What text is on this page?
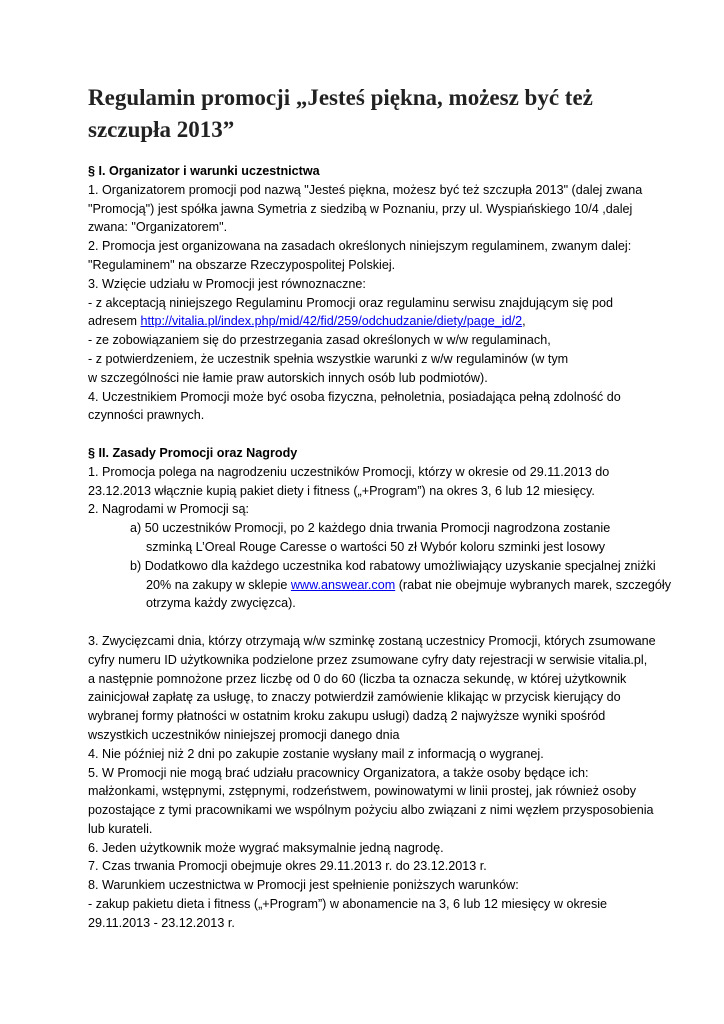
Regulamin promocji „Jesteś piękna, możesz być też
szczupła 2013”

§ I. Organizator i warunki uczestnictwa

1. Organizatorem promocji pod nazwą "Jesteś piękna, możesz być też szczupła 2013" (dalej zwana

"Promocją") jest spółka jawna Symetria z siedzibą w Poznaniu, przy ul. Wyspiańskiego 10/4 ,dalej

zwana: "Organizatorem".

2. Promocja jest organizowana na zasadach określonych niniejszym regulaminem, zwanym dalej:

"Regulaminem" na obszarze Rzeczypospolitej Polskiej.

3. Wzięcie udziału w Promocji jest równoznaczne:

- z akceptacją niniejszego Regulaminu Promocji oraz regulaminu serwisu znajdującym się pod

adresem http://vitalia.pl/index.php/mid/42/fid/259/odchudzanie/diety/page_id/2,

- ze zobowiązaniem się do przestrzegania zasad określonych w w/w regulaminach,

- z potwierdzeniem, że uczestnik spełnia wszystkie warunki z w/w regulaminów (w tym

w szczególności nie łamie praw autorskich innych osób lub podmiotów).

4. Uczestnikiem Promocji może być osoba fizyczna, pełnoletnia, posiadająca pełną zdolność do

czynności prawnych.

§ II. Zasady Promocji oraz Nagrody

1. Promocja polega na nagrodzeniu uczestników Promocji, którzy w okresie od 29.11.2013 do

23.12.2013 włącznie kupią pakiet diety i fitness („+Program”) na okres 3, 6 lub 12 miesięcy.

2. Nagrodami w Promocji są:

a) 50 uczestników Promocji, po 2 każdego dnia trwania Promocji nagrodzona zostanie

szminką L’Oreal Rouge Caresse o wartości 50 zł Wybór koloru szminki jest losowy

b) Dodatkowo dla każdego uczestnika kod rabatowy umożliwiający uzyskanie specjalnej zniżki

20% na zakupy w sklepie www.answear.com (rabat nie obejmuje wybranych marek, szczegóły

otrzyma każdy zwycięzca).

3. Zwycięzcami dnia, którzy otrzymają w/w szminkę zostaną uczestnicy Promocji, których zsumowane

cyfry numeru ID użytkownika podzielone przez zsumowane cyfry daty rejestracji w serwisie vitalia.pl,

a następnie pomnożone przez liczbę od 0 do 60 (liczba ta oznacza sekundę, w której użytkownik

zainicjował zapłatę za usługę, to znaczy potwierdził zamówienie klikając w przycisk kierujący do

wybranej formy płatności w ostatnim kroku zakupu usługi) dadzą 2 najwyższe wyniki spośród

wszystkich uczestników niniejszej promocji danego dnia

4. Nie później niż 2 dni po zakupie zostanie wysłany mail z informacją o wygranej.

5. W Promocji nie mogą brać udziału pracownicy Organizatora, a także osoby będące ich:

małżonkami, wstępnymi, zstępnymi, rodzeństwem, powinowatymi w linii prostej, jak również osoby

pozostające z tymi pracownikami we wspólnym pożyciu albo związani z nimi węzłem przysposobienia

lub kurateli.

6. Jeden użytkownik może wygrać maksymalnie jedną nagrodę.

7. Czas trwania Promocji obejmuje okres 29.11.2013 r. do 23.12.2013 r.

8. Warunkiem uczestnictwa w Promocji jest spełnienie poniższych warunków:

- zakup pakietu dieta i fitness („+Program”) w abonamencie na 3, 6 lub 12 miesięcy w okresie

29.11.2013 - 23.12.2013 r.
